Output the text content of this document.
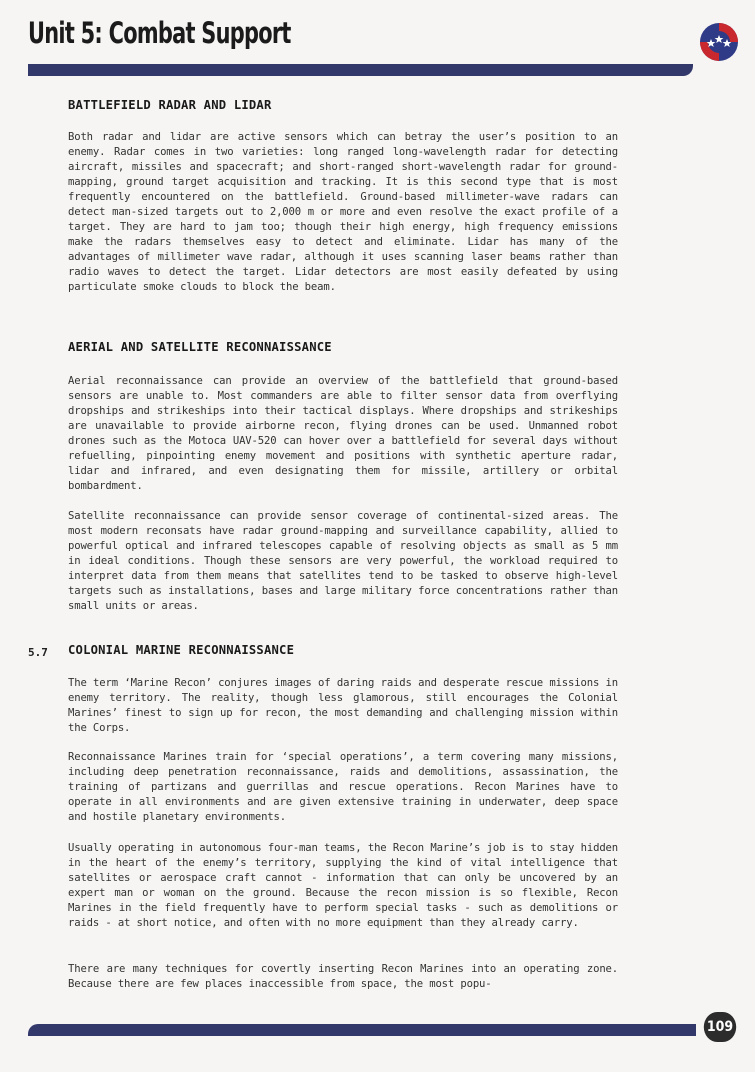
Unit 5: Combat Support
BATTLEFIELD RADAR AND LIDAR

Both radar and lidar are active sensors which can betray the user’s position to an enemy. Radar comes in two varieties: long ranged long-wavelength radar for detecting aircraft, missiles and spacecraft; and short-ranged short-wavelength radar for ground-mapping, ground target acquisition and tracking. It is this second type that is most frequently encountered on the battlefield. Ground-based millimeter-wave radars can detect man-sized targets out to 2,000 m or more and even resolve the exact profile of a target. They are hard to jam too; though their high energy, high frequency emissions make the radars themselves easy to detect and eliminate. Lidar has many of the advantages of millimeter wave radar, although it uses scanning laser beams rather than radio waves to detect the target. Lidar detectors are most easily defeated by using particulate smoke clouds to block the beam.

AERIAL AND SATELLITE RECONNAISSANCE

Aerial reconnaissance can provide an overview of the battlefield that ground-based sensors are unable to. Most commanders are able to filter sensor data from overflying dropships and strikeships into their tactical displays. Where dropships and strikeships are unavailable to provide airborne recon, flying drones can be used. Unmanned robot drones such as the Motoca UAV-520 can hover over a battlefield for several days without refuelling, pinpointing enemy movement and positions with synthetic aperture radar, lidar and infrared, and even designating them for missile, artillery or orbital bombardment.

Satellite reconnaissance can provide sensor coverage of continental-sized areas. The most modern reconsats have radar ground-mapping and surveillance capability, allied to powerful optical and infrared telescopes capable of resolving objects as small as 5 mm in ideal conditions. Though these sensors are very powerful, the workload required to interpret data from them means that satellites tend to be tasked to observe high-level targets such as installations, bases and large military force concentrations rather than small units or areas.

5.7 COLONIAL MARINE RECONNAISSANCE

The term ‘Marine Recon’ conjures images of daring raids and desperate rescue missions in enemy territory. The reality, though less glamorous, still encourages the Colonial Marines’ finest to sign up for recon, the most demanding and challenging mission within the Corps.

Reconnaissance Marines train for ‘special operations’, a term covering many missions, including deep penetration reconnaissance, raids and demolitions, assassination, the training of partizans and guerrillas and rescue operations. Recon Marines have to operate in all environments and are given extensive training in underwater, deep space and hostile planetary environments.

Usually operating in autonomous four-man teams, the Recon Marine’s job is to stay hidden in the heart of the enemy’s territory, supplying the kind of vital intelligence that satellites or aerospace craft cannot - information that can only be uncovered by an expert man or woman on the ground. Because the recon mission is so flexible, Recon Marines in the field frequently have to perform special tasks - such as demolitions or raids - at short notice, and often with no more equipment than they already carry.

There are many techniques for covertly inserting Recon Marines into an operating zone. Because there are few places inaccessible from space, the most popu-

109
